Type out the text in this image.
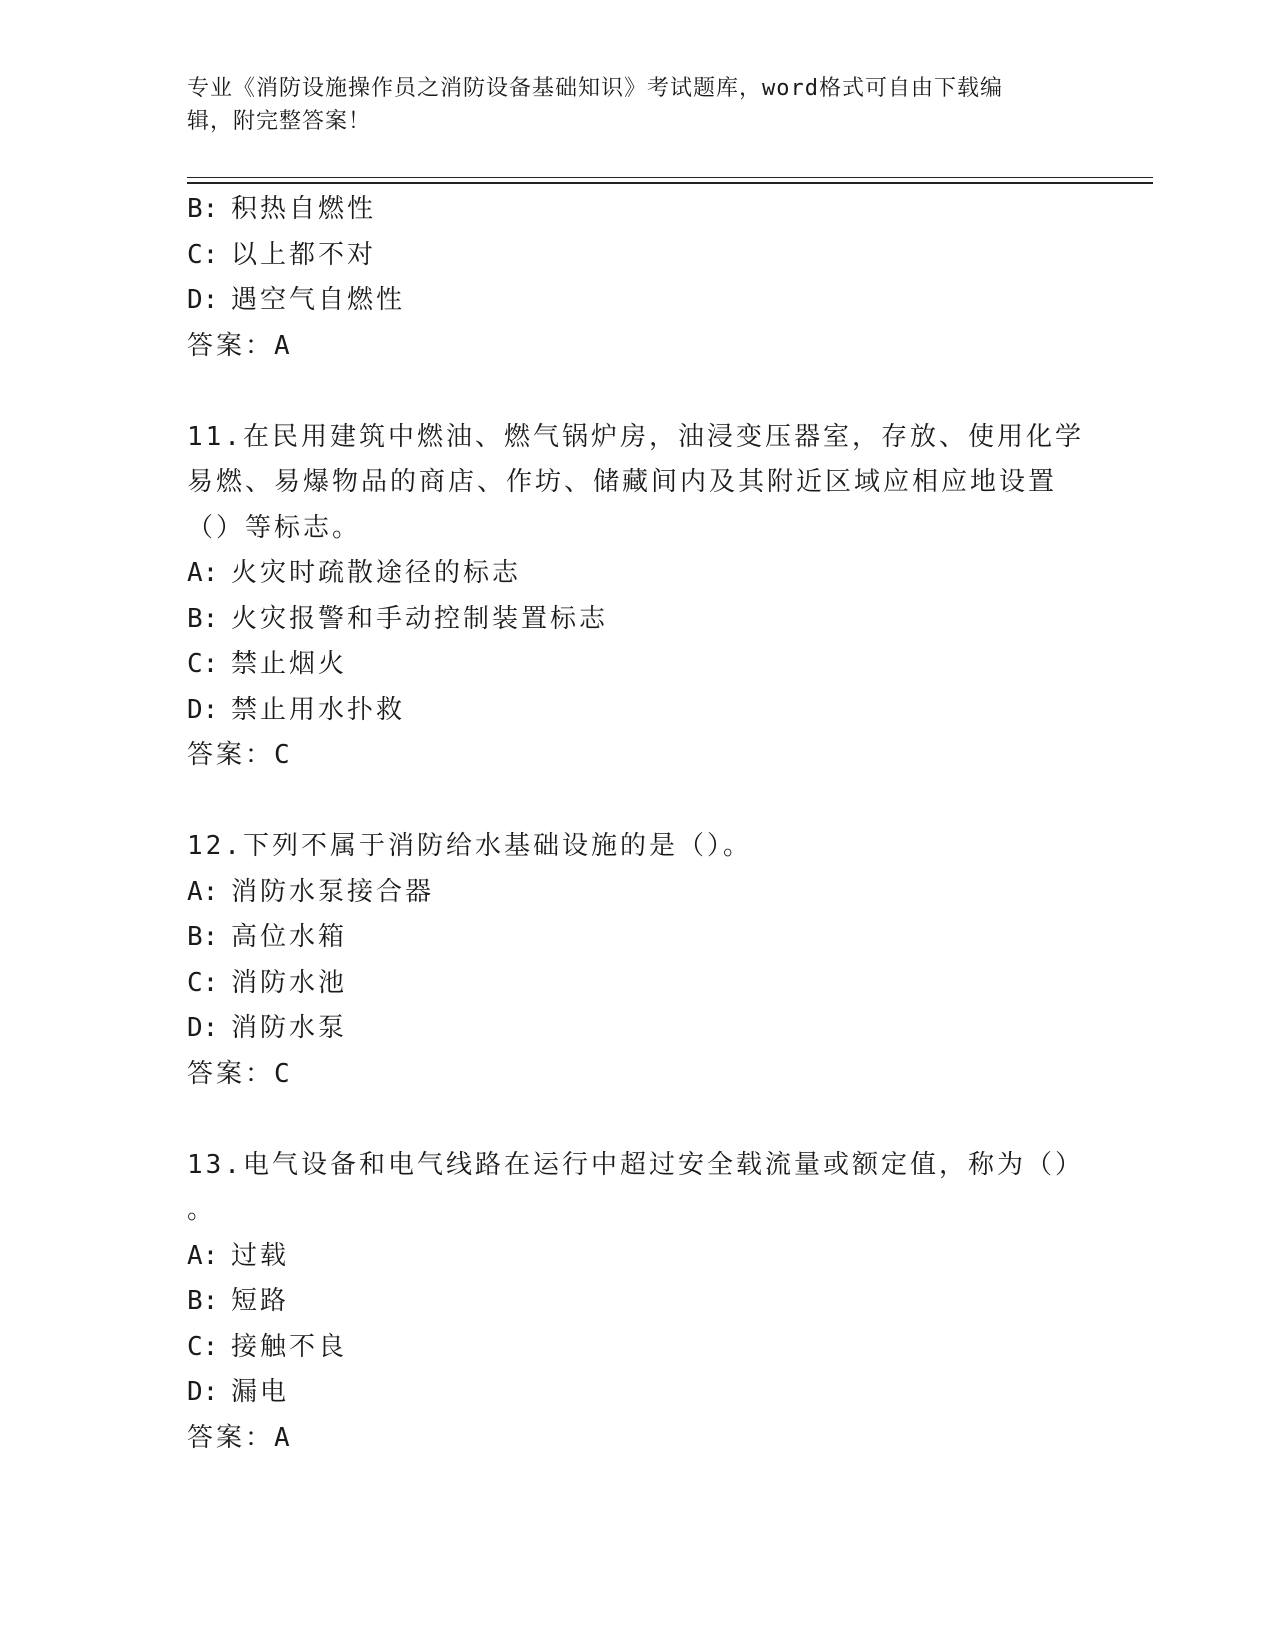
专业《消防设施操作员之消防设备基础知识》考试题库，word格式可自由下载编
辑，附完整答案！
B: 积热自燃性
C: 以上都不对
D: 遇空气自燃性
答案：A
11.在民用建筑中燃油、燃气锅炉房，油浸变压器室，存放、使用化学
易燃、易爆物品的商店、作坊、储藏间内及其附近区域应相应地设置
（）等标志。
A: 火灾时疏散途径的标志
B: 火灾报警和手动控制装置标志
C: 禁止烟火
D: 禁止用水扑救
答案：C
12.下列不属于消防给水基础设施的是（）。
A: 消防水泵接合器
B: 高位水箱
C: 消防水池
D: 消防水泵
答案：C
13.电气设备和电气线路在运行中超过安全载流量或额定值，称为（）
。
A: 过载
B: 短路
C: 接触不良
D: 漏电
答案：A
